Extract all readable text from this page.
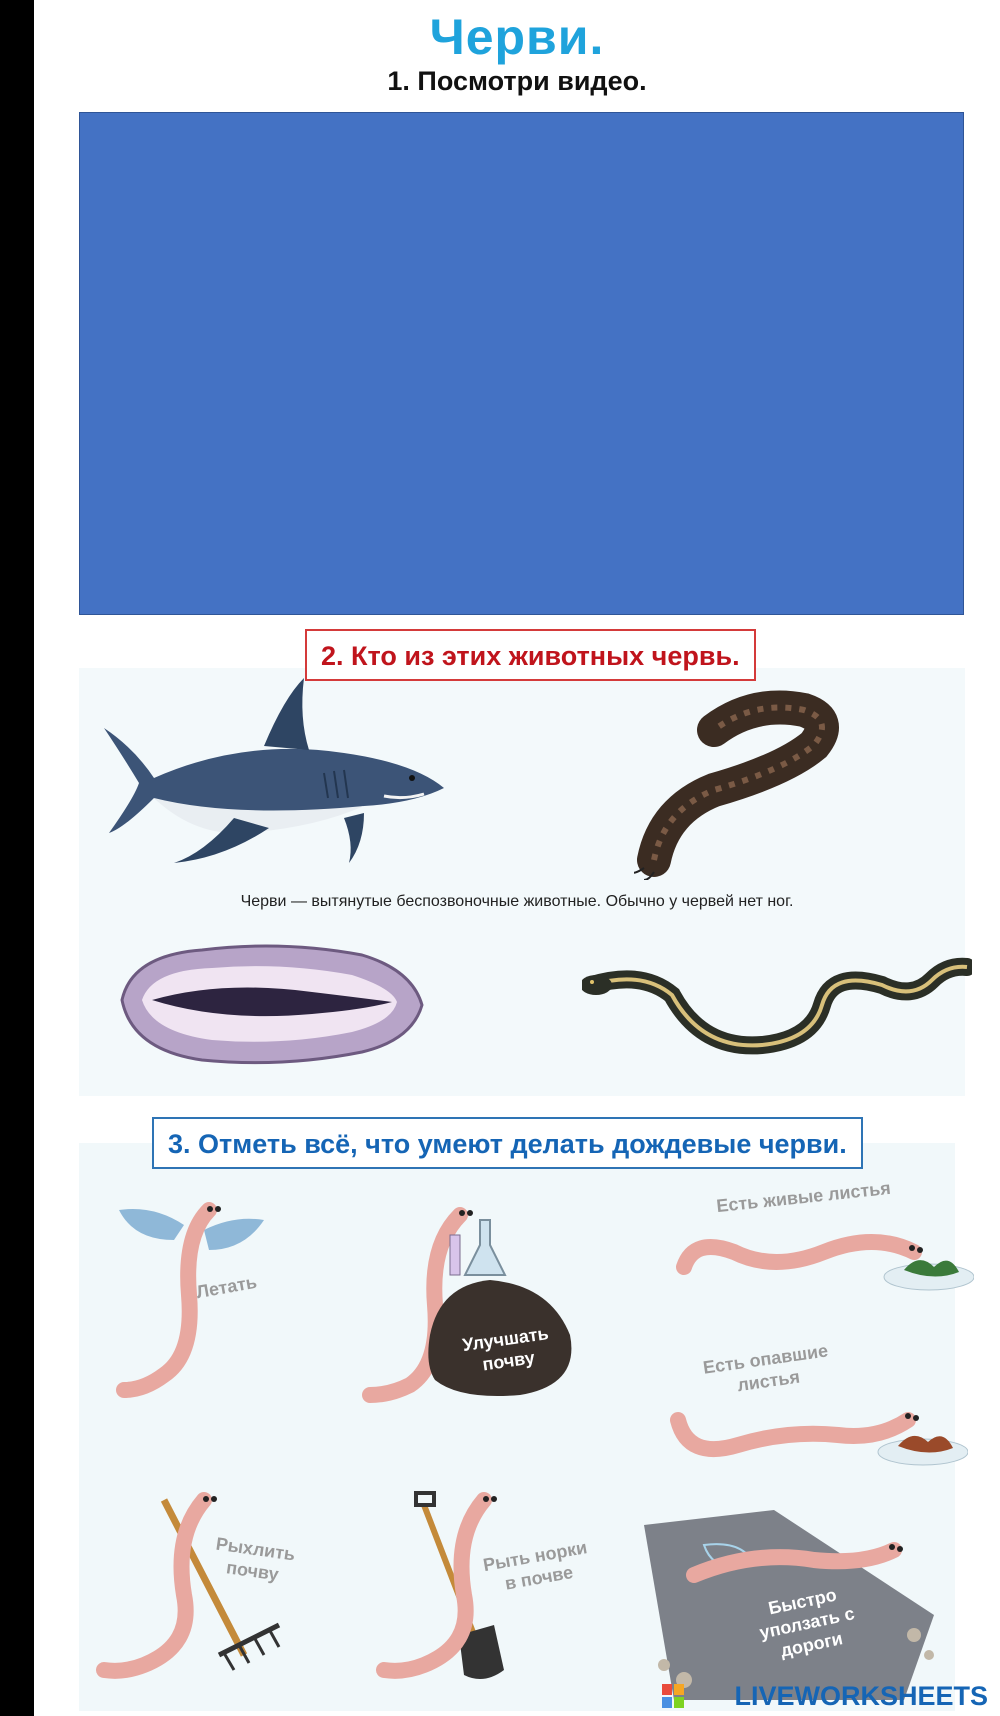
Черви.
1. Посмотри видео.
2. Кто из этих животных червь.
Черви — вытянутые беспозвоночные животные. Обычно у червей нет ног.
3. Отметь всё, что умеют делать дождевые черви.
Летать
Улучшать почву
Есть живые листья
Есть опавшие листья
Рыхлить почву	Рыть норки в почве
Быстро уползать с дороги
LIVEWORKSHEETS
